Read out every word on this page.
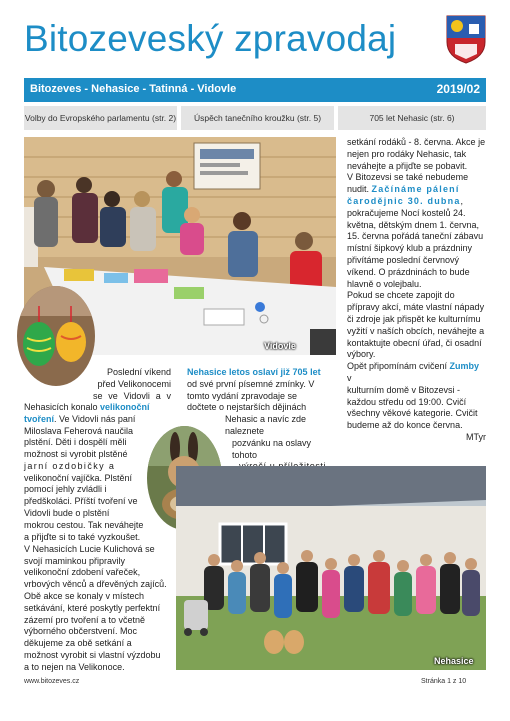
Bitozeveský zpravodaj
Bitozeves - Nehasice - Tatinná - Vidovle	2019/02
Volby do Evropského parlamentu (str. 2)	Úspěch tanečního kroužku (str. 5)	705 let Nehasic (str. 6)
Vidovle

Poslední víkend

před Velikonocemi

se ve Vidovli a v

Nehasicích konalo velikonoční

tvoření. Ve Vidovli nás paní

Miloslava Feherová naučila

plstění. Děti i dospělí měli

možnost si vyrobit plstěné

jarní ozdobičky a

velikonoční vajíčka. Plstění

pomocí jehly zvládli i

předškoláci. Příští tvoření ve

Vidovli bude o plstění

mokrou cestou. Tak neváhejte

a přijďte si to také vyzkoušet.

V Nehasicích Lucie Kulichová se

svojí maminkou připravily

velikonoční zdobení vařeček,

vrbových věnců a dřevěných zajíců.

Obě akce se konaly v místech

setkávání, které poskytly perfektní

zázemí pro tvoření a to včetně

výborného občerstvení. Moc

děkujeme za obě setkání a

možnost vyrobit si vlastní výzdobu

a to nejen na Velikonoce.

Nehasice letos oslaví již 705 let

od své první písemné zmínky. V

tomto vydání zpravodaje se

dočtete o nejstarších dějinách

Nehasic a navíc zde naleznete

pozvánku na oslavy tohoto

setkání rodáků - 8. června. Akce je

nejen pro rodáky Nehasic, tak

neváhejte a přijďte se pobavit.

V Bitozevsi se také nebudeme

nudit. Začínáme pálení

čarodějnic 30. dubna,

pokračujeme Nocí kostelů 24.

května, dětským dnem 1. června,

15. června pořádá taneční zábavu

místní šipkový klub a prázdniny

přivítáme poslední červnový

víkend. O prázdninách to bude

hlavně o volejbalu.

Pokud se chcete zapojit do

přípravy akcí, máte vlastní nápady

či zdroje jak přispět ke kulturnímu

vyžití v naších obcích, neváhejte a

kontaktujte obecní úřad, či osadní

výbory.

Opět připomínám cvičení Zumby v

kulturním domě v Bitozevsi -

každou středu od 19:00. Cvičí

všechny věkové kategorie. Cvičit

budeme až do konce června.

MTyr

Nehasice
www.bitozeves.cz	Stránka 1 z 10
